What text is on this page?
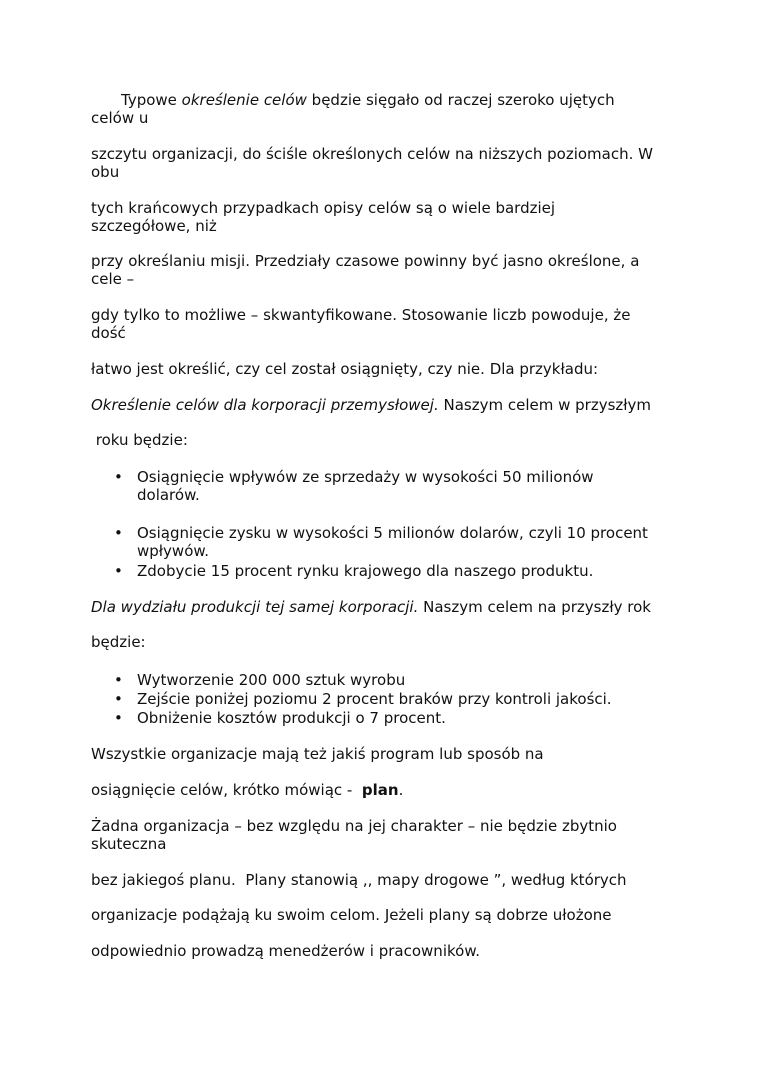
Typowe określenie celów będzie sięgało od raczej szeroko ujętych

celów u

szczytu organizacji, do ściśle określonych celów na niższych poziomach. W

obu

tych krańcowych przypadkach opisy celów są o wiele bardziej

szczegółowe, niż

przy określaniu misji. Przedziały czasowe powinny być jasno określone, a

cele –

gdy tylko to możliwe – skwantyfikowane. Stosowanie liczb powoduje, że

dość

łatwo jest określić, czy cel został osiągnięty, czy nie. Dla przykładu:

Określenie celów dla korporacji przemysłowej. Naszym celem w przyszłym

roku będzie:

• Osiągnięcie wpływów ze sprzedaży w wysokości 50 milionów

dolarów.

• Osiągnięcie zysku w wysokości 5 milionów dolarów, czyli 10 procent

wpływów.

• Zdobycie 15 procent rynku krajowego dla naszego produktu.

Dla wydziału produkcji tej samej korporacji. Naszym celem na przyszły rok

będzie:

• Wytworzenie 200 000 sztuk wyrobu

• Zejście poniżej poziomu 2 procent braków przy kontroli jakości.

• Obniżenie kosztów produkcji o 7 procent.

Wszystkie organizacje mają też jakiś program lub sposób na

osiągnięcie celów, krótko mówiąc -  plan.

Żadna organizacja – bez względu na jej charakter – nie będzie zbytnio

skuteczna

bez jakiegoś planu.  Plany stanowią ,, mapy drogowe ”, według których

organizacje podążają ku swoim celom. Jeżeli plany są dobrze ułożone

odpowiednio prowadzą menedżerów i pracowników.
